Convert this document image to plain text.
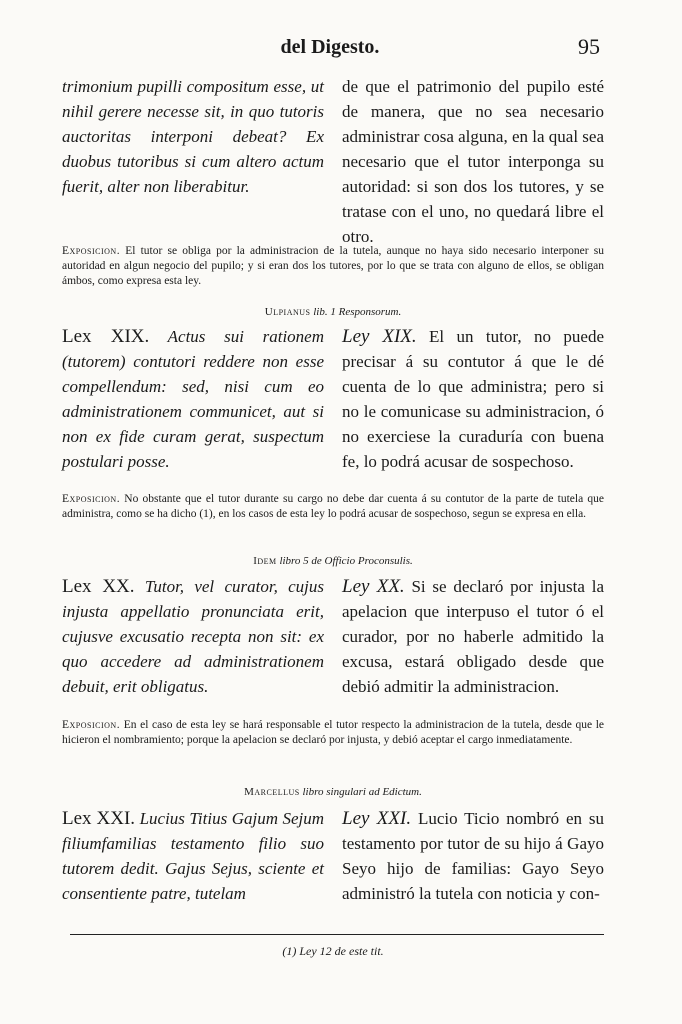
del Digesto.	95
trimonium pupilli compositum esse, ut nihil gerere necesse sit, in quo tutoris auctoritas interponi debeat? Ex duobus tutoribus si cum altero actum fuerit, alter non liberabitur.
de que el patrimonio del pupilo esté de manera, que no sea necesario administrar cosa alguna, en la qual sea necesario que el tutor interponga su autoridad: si son dos los tutores, y se tratase con el uno, no quedará libre el otro.
Exposicion. El tutor se obliga por la administracion de la tutela, aunque no haya sido necesario interponer su autoridad en algun negocio del pupilo; y si eran dos los tutores, por lo que se trata con alguno de ellos, se obligan ámbos, como expresa esta ley.
Ulpianus lib. 1 Responsorum.
Lex XIX. Actus sui rationem (tutorem) contutori reddere non esse compellendum: sed, nisi cum eo administrationem communicet, aut si non ex fide curam gerat, suspectum postulari posse.
Ley XIX. El un tutor, no puede precisar á su contutor á que le dé cuenta de lo que administra; pero si no le comunicase su administracion, ó no exerciese la curaduría con buena fe, lo podrá acusar de sospechoso.
Exposicion. No obstante que el tutor durante su cargo no debe dar cuenta á su contutor de la parte de tutela que administra, como se ha dicho (1), en los casos de esta ley lo podrá acusar de sospechoso, segun se expresa en ella.
Idem libro 5 de Officio Proconsulis.
Lex XX. Tutor, vel curator, cujus injusta appellatio pronunciata erit, cujusve excusatio recepta non sit: ex quo accedere ad administrationem debuit, erit obligatus.
Ley XX. Si se declaró por injusta la apelacion que interpuso el tutor ó el curador, por no haberle admitido la excusa, estará obligado desde que debió admitir la administracion.
Exposicion. En el caso de esta ley se hará responsable el tutor respecto la administracion de la tutela, desde que le hicieron el nombramiento; porque la apelacion se declaró por injusta, y debió aceptar el cargo inmediatamente.
Marcellus libro singulari ad Edictum.
Lex XXI. Lucius Titius Gajum Sejum filiumfamilias testamento filio suo tutorem dedit. Gajus Sejus, sciente et consentiente patre, tutelam
Ley XXI. Lucio Ticio nombró en su testamento por tutor de su hijo á Gayo Seyo hijo de familias: Gayo Seyo administró la tutela con noticia y con-
(1) Ley 12 de este tit.
